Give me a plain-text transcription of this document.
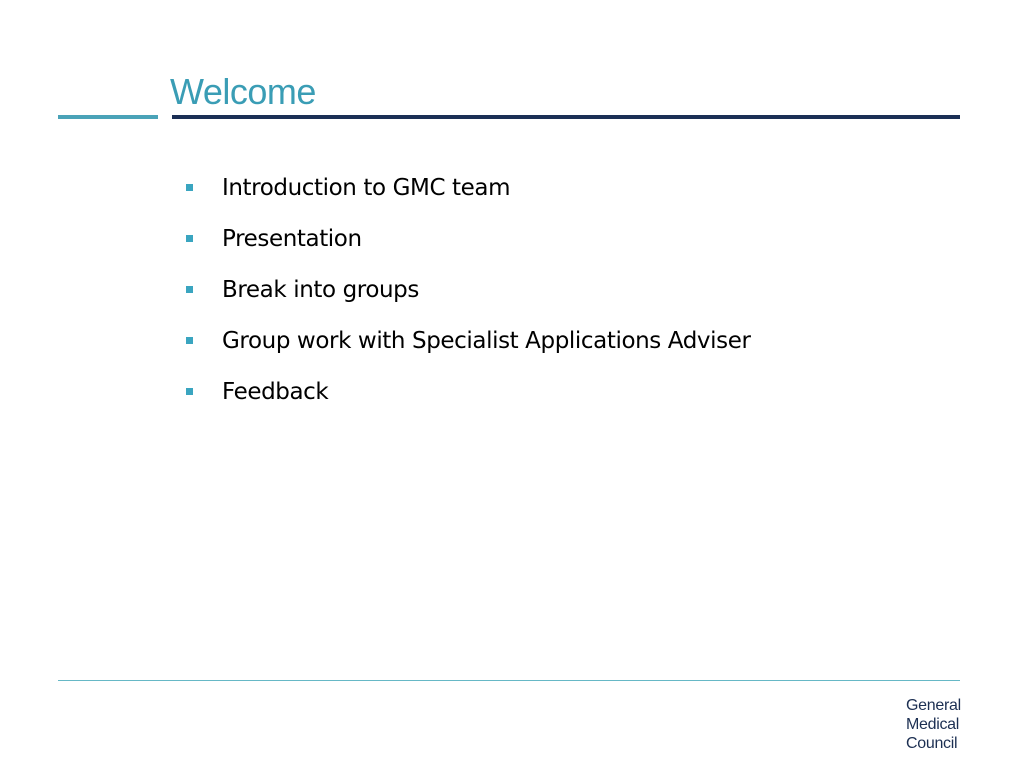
Welcome
Introduction to GMC team
Presentation
Break into groups
Group work with Specialist Applications Adviser
Feedback
General
Medical
Council
